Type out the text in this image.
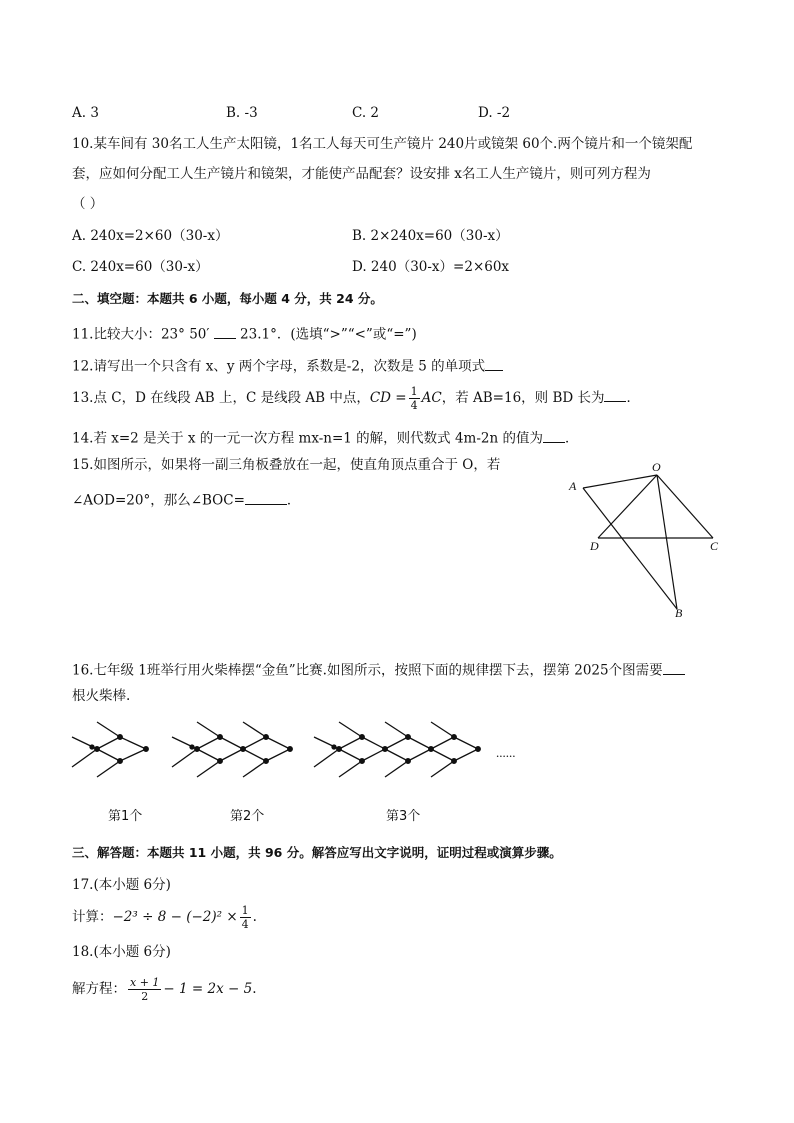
A. 3	B. -3	C. 2	D. -2
10.某车间有 30名工人生产太阳镜，1名工人每天可生产镜片 240片或镜架 60个.两个镜片和一个镜架配
套，应如何分配工人生产镜片和镜架，才能使产品配套？设安排 x名工人生产镜片，则可列方程为
（ ）
A. 240x=2×60（30-x）	B. 2×240x=60（30-x）
C. 240x=60（30-x）	D. 240（30-x）=2×60x
二、填空题：本题共 6 小题，每小题 4 分，共 24 分。
11.比较大小：23° 50′  23.1°．(选填“>”“<”或“=”)
12.请写出一个只含有 x、y 两个字母，系数是-2，次数是 5 的单项式
13.点 C，D 在线段 AB 上，C 是线段 AB 中点，CD = $\frac{1}{4}$ AC，若 AB=16，则 BD 长为 ．
14.若 x=2 是关于 x 的一元一次方程 mx-n=1 的解，则代数式 4m-2n 的值为 ．
15.如图所示，如果将一副三角板叠放在一起，使直角顶点重合于 O，若
∠AOD=20°，那么∠BOC=	．
A
O
D	C
B
16.七年级 1班举行用火柴棒摆“金鱼”比赛.如图所示，按照下面的规律摆下去，摆第 2025个图需要
根火柴棒.
......
第1个	第2个	第3个
三、解答题：本题共 11 小题，共 96 分。解答应写出文字说明，证明过程或演算步骤。
17.(本小题 6分)
计算：$-2^3 \div 8 - (-2)^2 \times \frac{1}{4}$ .
18.(本小题 6分)
解方程： $\frac{x + 1}{2} - 1 = 2x - 5$.
